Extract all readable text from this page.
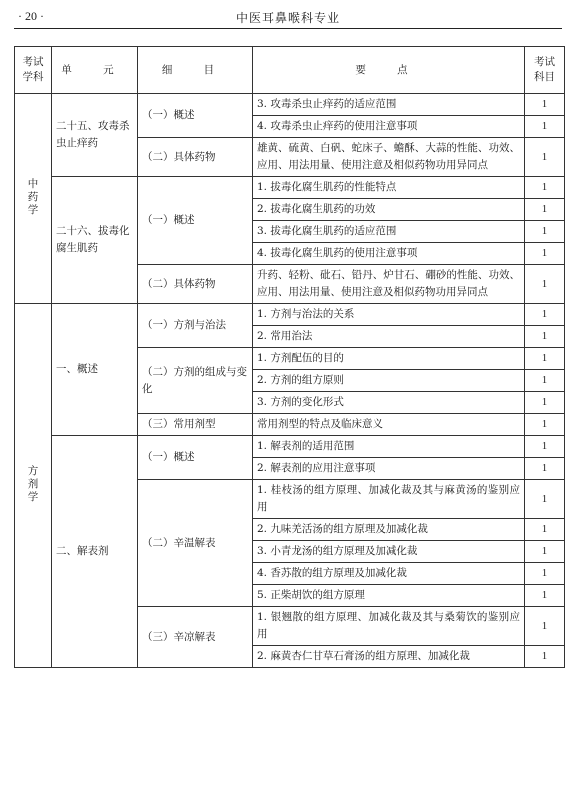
· 20 ·	中医耳鼻喉科专业
考试学科	单 元	细 目	要 点	考试科目
中药学	二十五、攻毒杀虫止痒药	（一）概述	3. 攻毒杀虫止痒药的适应范围	1
			4. 攻毒杀虫止痒药的使用注意事项	1
		（二）具体药物	雄黄、硫黄、白矾、蛇床子、蟾酥、大蒜的性能、功效、应用、用法用量、使用注意及相似药物功用异同点	1
	二十六、拔毒化腐生肌药	（一）概述	1. 拔毒化腐生肌药的性能特点	1
			2. 拔毒化腐生肌药的功效	1
			3. 拔毒化腐生肌药的适应范围	1
			4. 拔毒化腐生肌药的使用注意事项	1
		（二）具体药物	升药、轻粉、砒石、铅丹、炉甘石、硼砂的性能、功效、应用、用法用量、使用注意及相似药物功用异同点	1
方剂学	一、概述	（一）方剂与治法	1. 方剂与治法的关系	1
			2. 常用治法	1
		（二）方剂的组成与变化	1. 方剂配伍的目的	1
			2. 方剂的组方原则	1
			3. 方剂的变化形式	1
		（三）常用剂型	常用剂型的特点及临床意义	1
	二、解表剂	（一）概述	1. 解表剂的适用范围	1
			2. 解表剂的应用注意事项	1
		（二）辛温解表	1. 桂枝汤的组方原理、加减化裁及其与麻黄汤的鉴别应用	1
			2. 九味羌活汤的组方原理及加减化裁	1
			3. 小青龙汤的组方原理及加减化裁	1
			4. 香苏散的组方原理及加减化裁	1
			5. 正柴胡饮的组方原理	1
		（三）辛凉解表	1. 银翘散的组方原理、加减化裁及其与桑菊饮的鉴别应用	1
			2. 麻黄杏仁甘草石膏汤的组方原理、加减化裁	1
